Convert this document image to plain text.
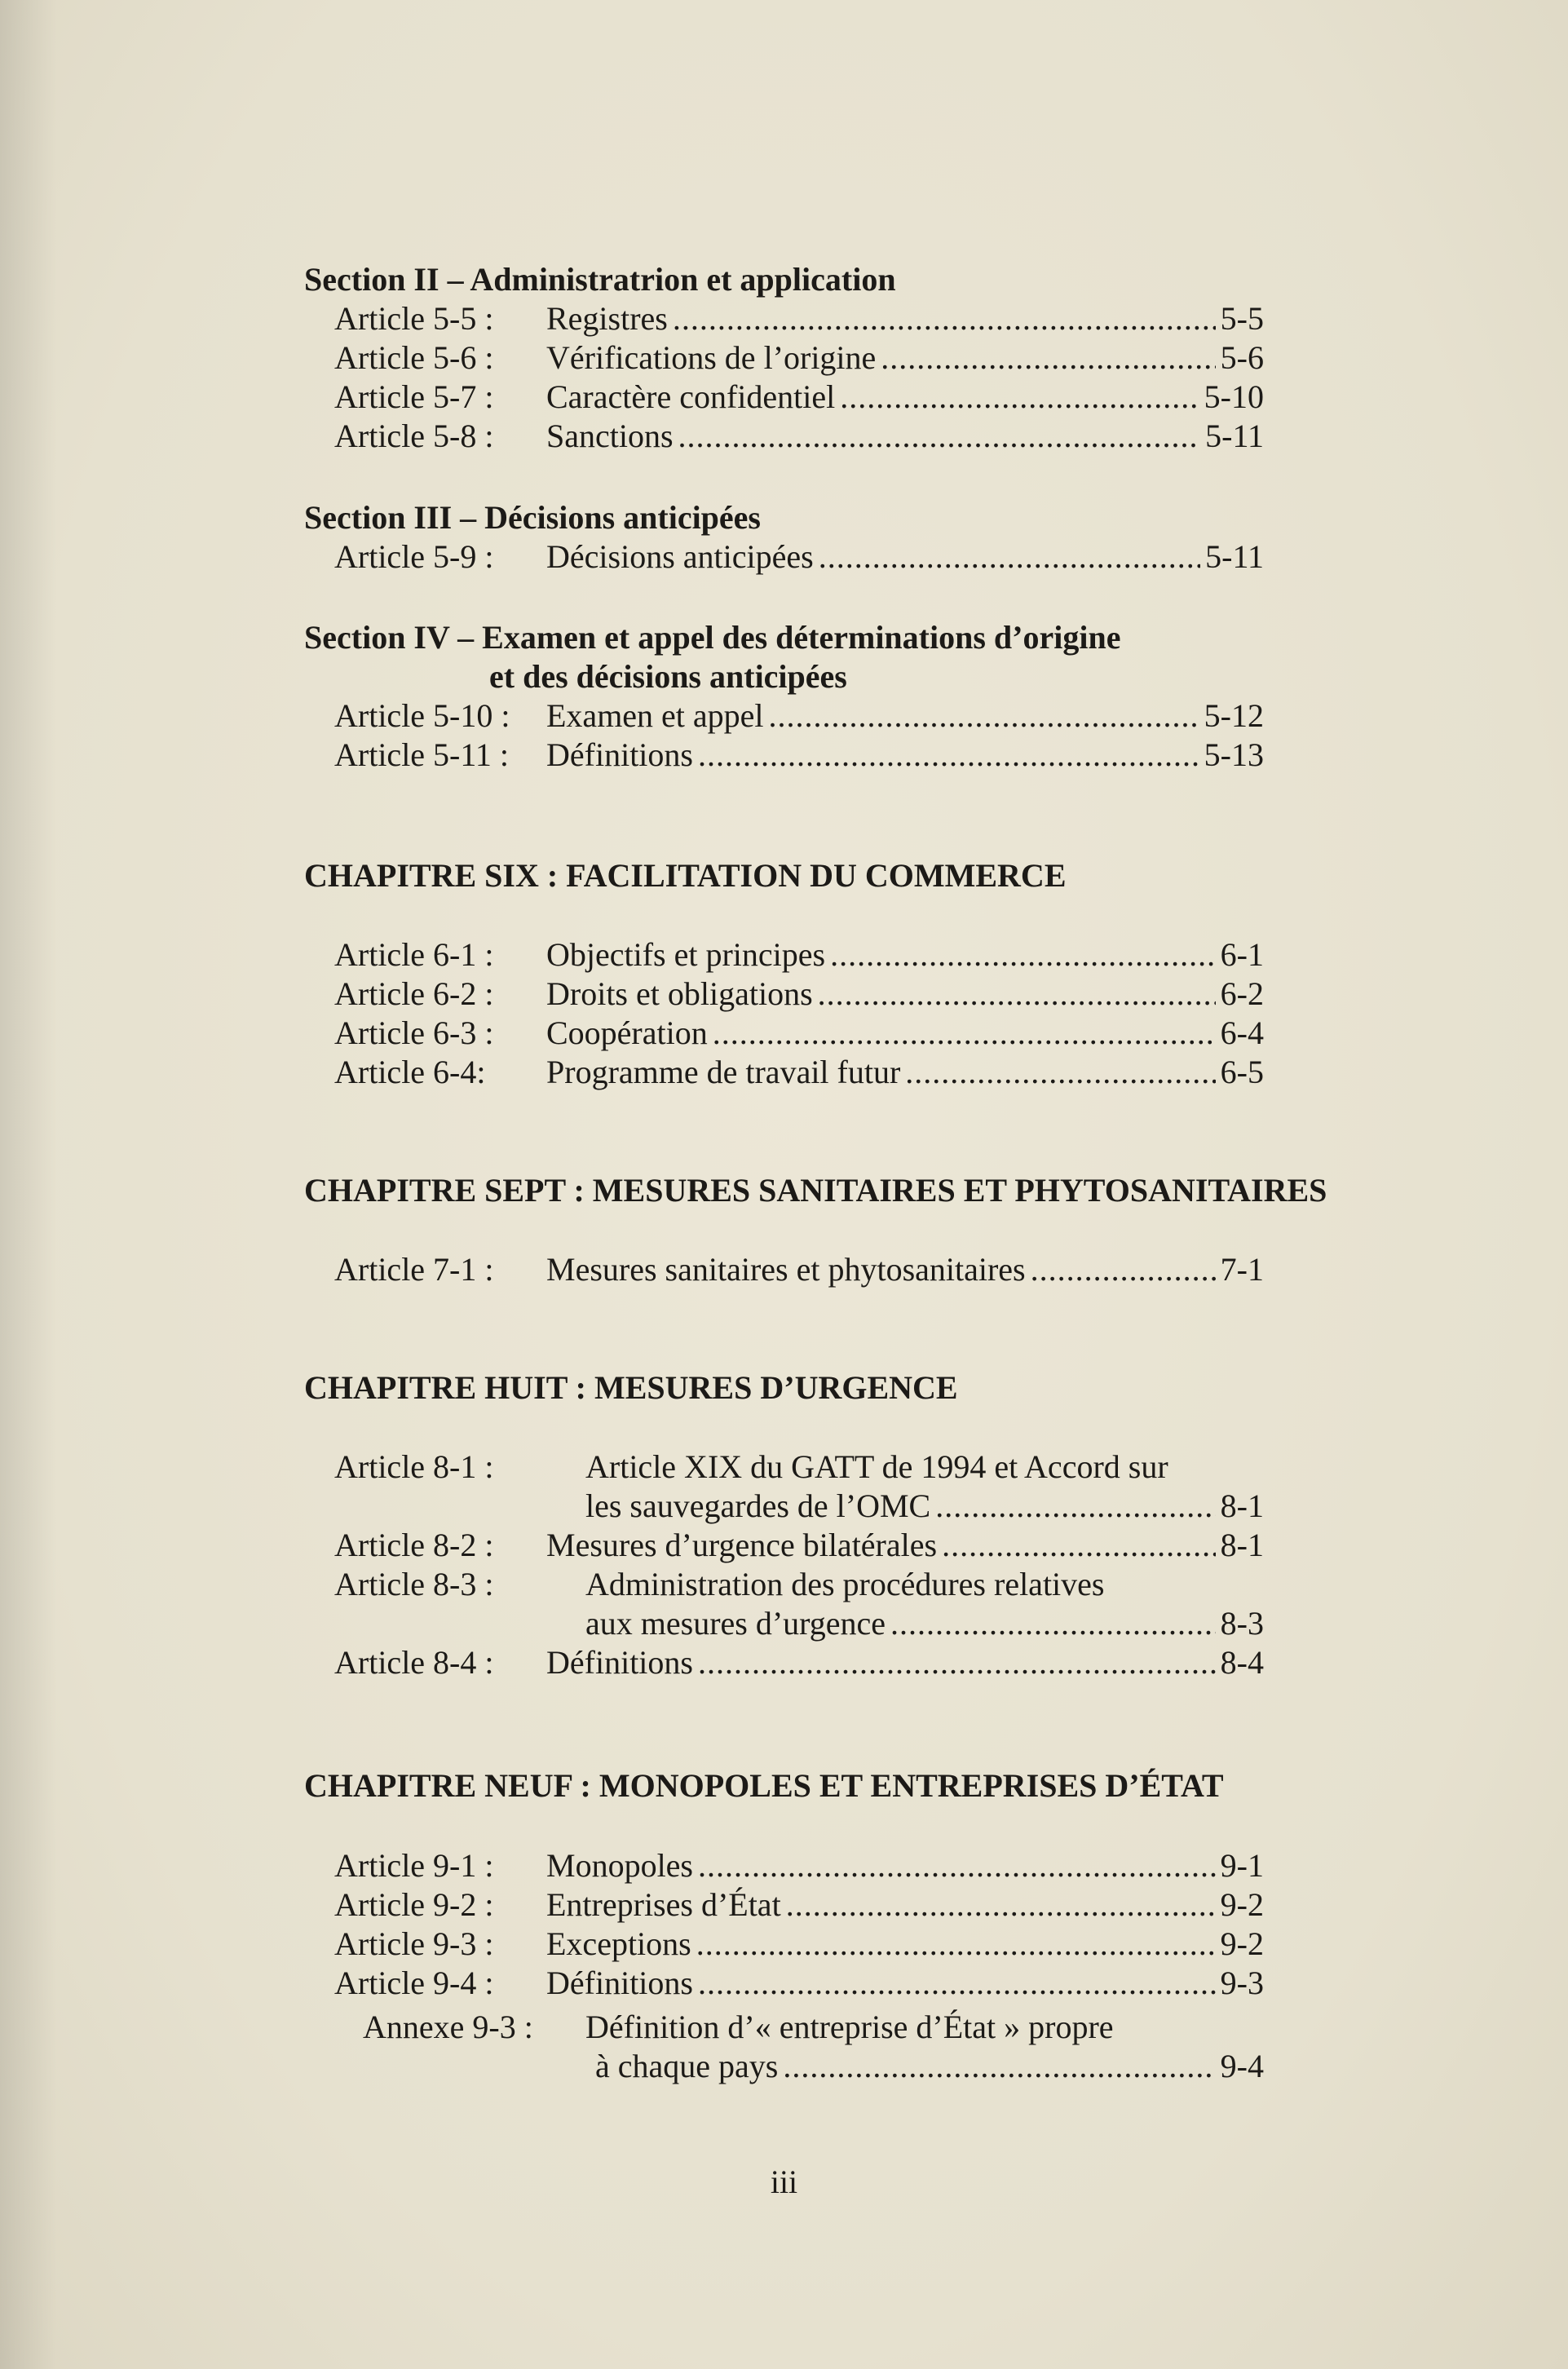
Section II – Administratrion et application
Article 5-5 : Registres .....	5-5
Article 5-6 : Vérifications de l’origine .....	5-6
Article 5-7 : Caractère confidentiel .....	5-10
Article 5-8 : Sanctions .....	5-11
Section III – Décisions anticipées
Article 5-9 : Décisions anticipées .....	5-11
Section IV – Examen et appel des déterminations d’origine
et des décisions anticipées
Article 5-10 : Examen et appel .....	5-12
Article 5-11 : Définitions .....	5-13
CHAPITRE SIX : FACILITATION DU COMMERCE
Article 6-1 : Objectifs et principes .....	6-1
Article 6-2 : Droits et obligations .....	6-2
Article 6-3 : Coopération .....	6-4
Article 6-4: Programme de travail futur .....	6-5
CHAPITRE SEPT : MESURES SANITAIRES ET PHYTOSANITAIRES
Article 7-1 : Mesures sanitaires et phytosanitaires .....	7-1
CHAPITRE HUIT : MESURES D’URGENCE
Article 8-1 :	Article XIX du GATT de 1994 et Accord sur
les sauvegardes de l’OMC .....	8-1
Article 8-2 : Mesures d’urgence bilatérales .....	8-1
Article 8-3 :	Administration des procédures relatives
aux mesures d’urgence .....	8-3
Article 8-4 : Définitions .....	8-4
CHAPITRE NEUF : MONOPOLES ET ENTREPRISES D’ÉTAT
Article 9-1 : Monopoles .....	9-1
Article 9-2 : Entreprises d’État .....	9-2
Article 9-3 : Exceptions .....	9-2
Article 9-4 : Définitions .....	9-3
Annexe 9-3 : Définition d’« entreprise d’État » propre
à chaque pays .....	9-4
iii
